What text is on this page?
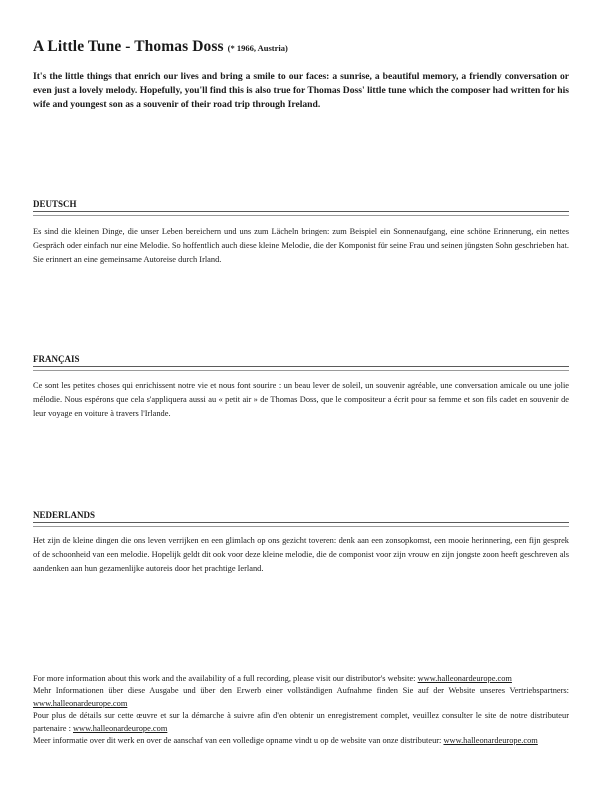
A Little Tune - Thomas Doss (* 1966, Austria)
It's the little things that enrich our lives and bring a smile to our faces: a sunrise, a beautiful memory, a friendly conversation or even just a lovely melody. Hopefully, you'll find this is also true for Thomas Doss' little tune which the composer had written for his wife and youngest son as a souvenir of their road trip through Ireland.
DEUTSCH
Es sind die kleinen Dinge, die unser Leben bereichern und uns zum Lächeln bringen: zum Beispiel ein Sonnenaufgang, eine schöne Erinnerung, ein nettes Gespräch oder einfach nur eine Melodie. So hoffentlich auch diese kleine Melodie, die der Komponist für seine Frau und seinen jüngsten Sohn geschrieben hat. Sie erinnert an eine gemeinsame Autoreise durch Irland.
FRANÇAIS
Ce sont les petites choses qui enrichissent notre vie et nous font sourire : un beau lever de soleil, un souvenir agréable, une conversation amicale ou une jolie mélodie. Nous espérons que cela s'appliquera aussi au « petit air » de Thomas Doss, que le compositeur a écrit pour sa femme et son fils cadet en souvenir de leur voyage en voiture à travers l'Irlande.
NEDERLANDS
Het zijn de kleine dingen die ons leven verrijken en een glimlach op ons gezicht toveren: denk aan een zonsopkomst, een mooie herinnering, een fijn gesprek of de schoonheid van een melodie. Hopelijk geldt dit ook voor deze kleine melodie, die de componist voor zijn vrouw en zijn jongste zoon heeft geschreven als aandenken aan hun gezamenlijke autoreis door het prachtige Ierland.

For more information about this work and the availability of a full recording, please visit our distributor's website: www.halleonardeurope.com

Mehr Informationen über diese Ausgabe und über den Erwerb einer vollständigen Aufnahme finden Sie auf der Website unseres Vertriebspartners: www.halleonardeurope.com

Pour plus de détails sur cette œuvre et sur la démarche à suivre afin d'en obtenir un enregistrement complet, veuillez consulter le site de notre distributeur partenaire : www.halleonardeurope.com

Meer informatie over dit werk en over de aanschaf van een volledige opname vindt u op de website van onze distributeur: www.halleonardeurope.com
